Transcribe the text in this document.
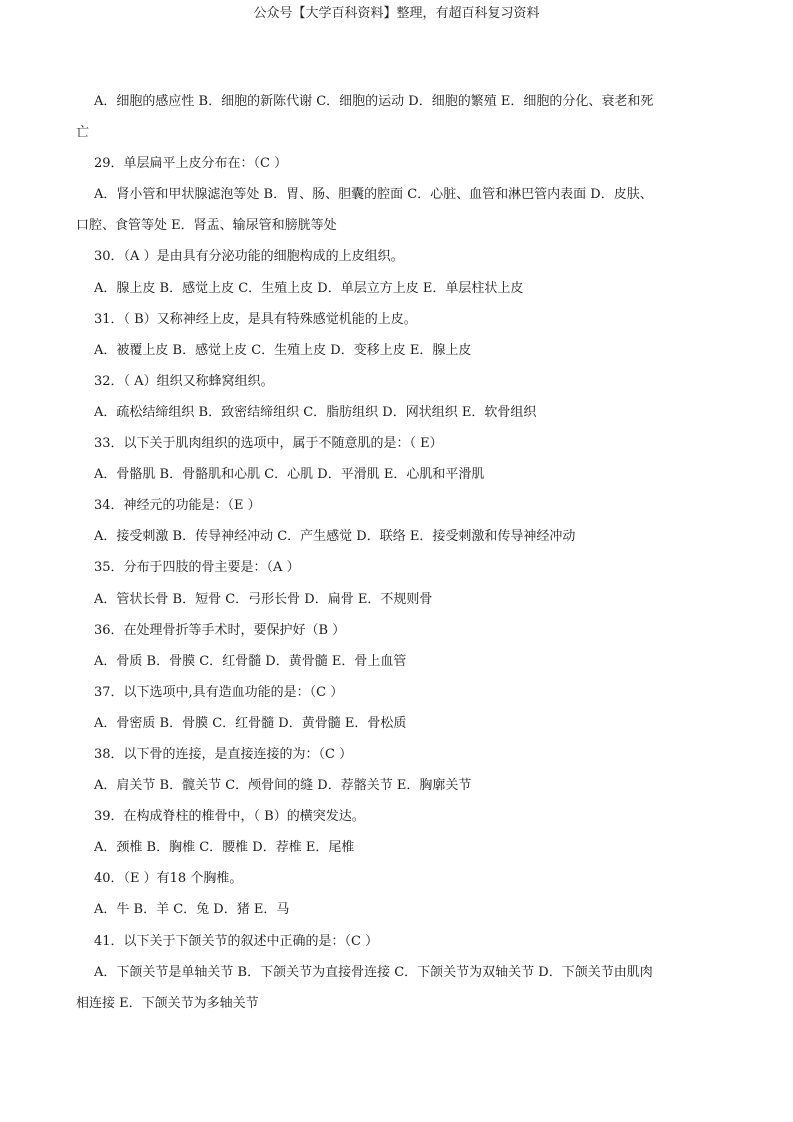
公众号【大学百科资料】整理，有超百科复习资料
A．细胞的感应性 B．细胞的新陈代谢 C．细胞的运动 D．细胞的繁殖 E．细胞的分化、衰老和死
亡
29．单层扁平上皮分布在：（C ）
A．肾小管和甲状腺滤泡等处 B．胃、肠、胆囊的腔面 C．心脏、血管和淋巴管内表面 D．皮肤、
口腔、食管等处 E．肾盂、输尿管和膀胱等处
30．（A ）是由具有分泌功能的细胞构成的上皮组织。
A．腺上皮 B．感觉上皮 C．生殖上皮 D．单层立方上皮 E．单层柱状上皮
31．（ B）又称神经上皮，是具有特殊感觉机能的上皮。
A．被覆上皮 B．感觉上皮 C．生殖上皮 D．变移上皮 E．腺上皮
32．（ A）组织又称蜂窝组织。
A．疏松结缔组织 B．致密结缔组织 C．脂肪组织 D．网状组织 E．软骨组织
33．以下关于肌肉组织的选项中，属于不随意肌的是：（ E）
A．骨骼肌 B．骨骼肌和心肌 C．心肌 D．平滑肌 E．心肌和平滑肌
34．神经元的功能是：（E ）
A．接受刺激 B．传导神经冲动 C．产生感觉 D．联络 E．接受刺激和传导神经冲动
35．分布于四肢的骨主要是：（A ）
A．管状长骨 B．短骨 C．弓形长骨 D．扁骨 E．不规则骨
36．在处理骨折等手术时，要保护好（B ）
A．骨质 B．骨膜 C．红骨髓 D．黄骨髓 E．骨上血管
37．以下选项中,具有造血功能的是：（C ）
A．骨密质 B．骨膜 C．红骨髓 D．黄骨髓 E．骨松质
38．以下骨的连接，是直接连接的为：（C ）
A．肩关节 B．髋关节 C．颅骨间的缝 D．荐髂关节 E．胸廓关节
39．在构成脊柱的椎骨中，（ B）的横突发达。
A．颈椎 B．胸椎 C．腰椎 D．荐椎 E．尾椎
40．（E ）有18 个胸椎。
A．牛 B．羊 C．兔 D．猪 E．马
41．以下关于下颌关节的叙述中正确的是：（C ）
A．下颌关节是单轴关节 B．下颌关节为直接骨连接 C．下颌关节为双轴关节 D．下颌关节由肌肉
相连接 E．下颌关节为多轴关节
